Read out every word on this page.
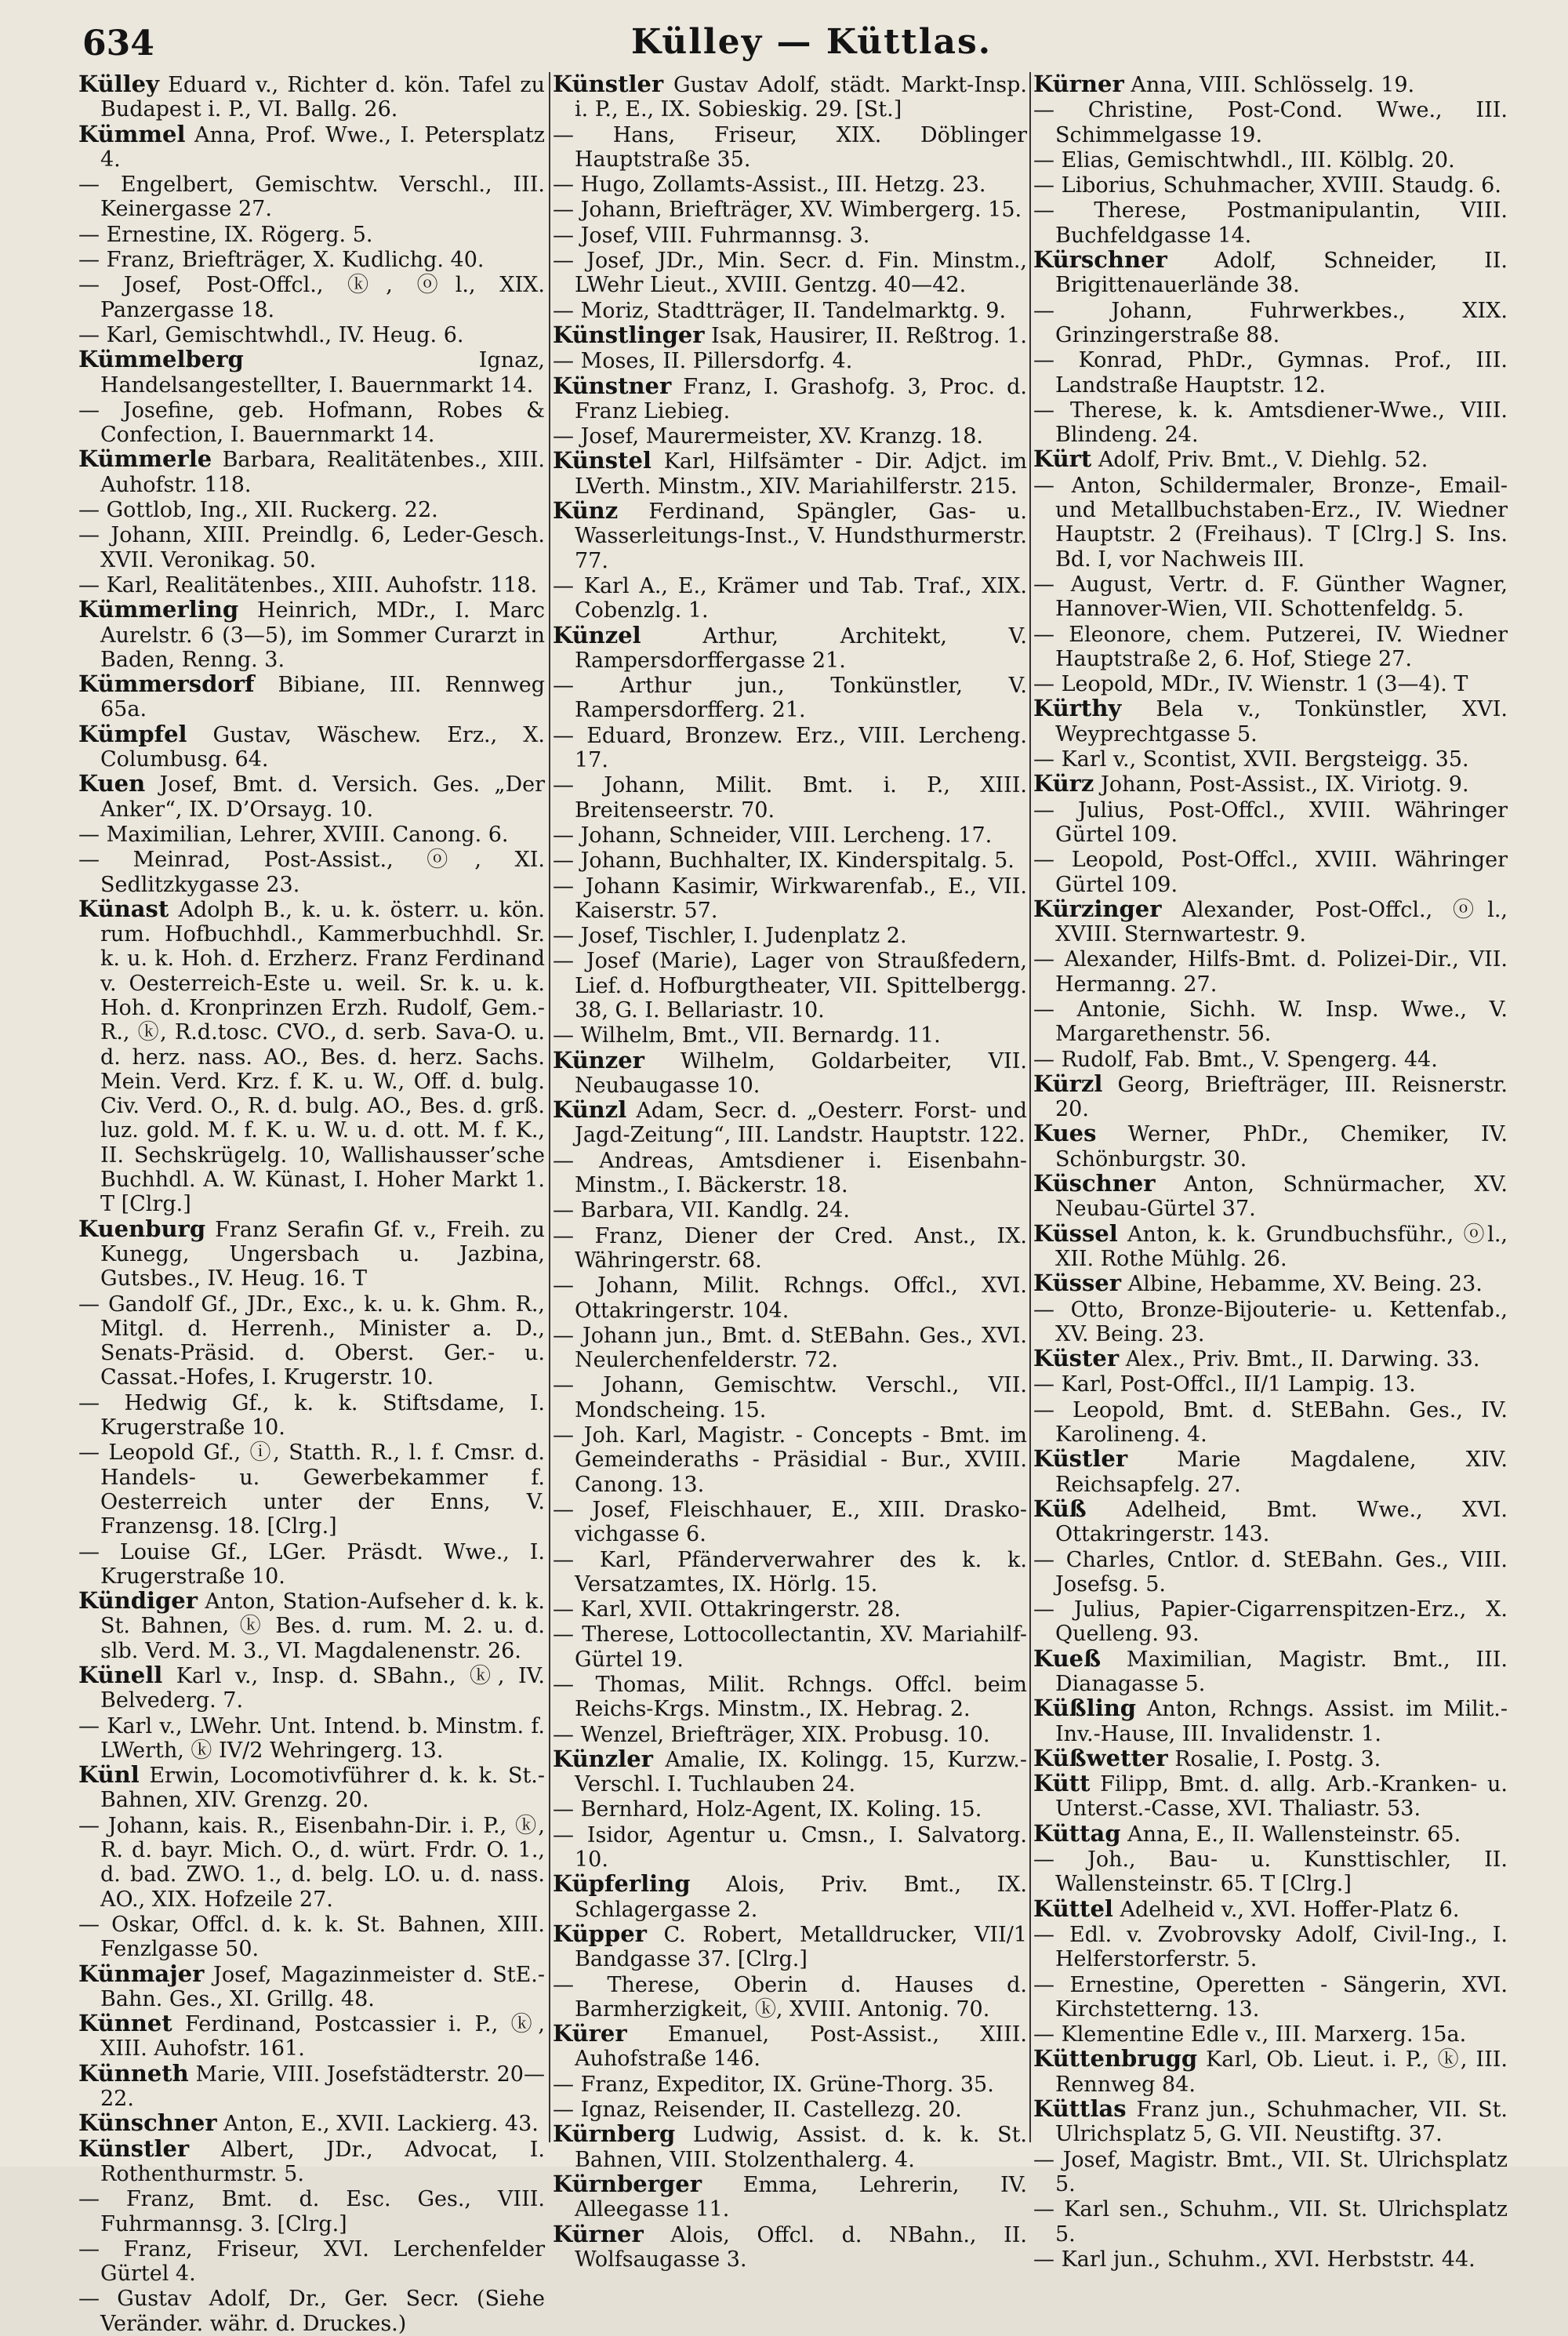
634	Külley — Küttlas.

Külley Eduard v., Richter d. kön. Tafel zu Budapest i. P., VI. Ballg. 26.

Kümmel Anna, Prof. Wwe., I. Petersplatz 4.

— Engelbert, Gemischtw. Verschl., III. Keinergasse 27.

— Ernestine, IX. Rögerg. 5.

— Franz, Briefträger, X. Kudlichg. 40.

— Josef, Post-Offcl., ⓚ, ⓞl., XIX. Panzergasse 18.

— Karl, Gemischtwhdl., IV. Heug. 6.

Kümmelberg Ignaz, Handelsangestellter, I. Bauernmarkt 14.

— Josefine, geb. Hofmann, Robes & Confection, I. Bauernmarkt 14.

Kümmerle Barbara, Realitätenbes., XIII. Auhofstr. 118.

— Gottlob, Ing., XII. Ruckerg. 22.

— Johann, XIII. Preindlg. 6, Leder-Gesch. XVII. Veronikag. 50.

— Karl, Realitätenbes., XIII. Auhofstr. 118.

Kümmerling Heinrich, MDr., I. Marc Aurelstr. 6 (3—5), im Sommer Curarzt in Baden, Renng. 3.

Kümmersdorf Bibiane, III. Rennweg 65a.

Kümpfel Gustav, Wäschew. Erz., X. Columbusg. 64.

Kuen Josef, Bmt. d. Versich. Ges. „Der Anker“, IX. D’Orsayg. 10.

— Maximilian, Lehrer, XVIII. Canong. 6.

— Meinrad, Post-Assist., ⓞ, XI. Sedlitzkygasse 23.

Künast Adolph B., k. u. k. österr. u. kön. rum. Hofbuchhdl., Kammerbuchhdl. Sr. k. u. k. Hoh. d. Erzherz. Franz Ferdinand v. Oesterreich-Este u. weil. Sr. k. u. k. Hoh. d. Kronprinzen Erzh. Rudolf, Gem.-R., ⓚ, R.d.tosc. CVO., d. serb. Sava-O. u. d. herz. nass. AO., Bes. d. herz. Sachs. Mein. Verd. Krz. f. K. u. W., Off. d. bulg. Civ. Verd. O., R. d. bulg. AO., Bes. d. grß. luz. gold. M. f. K. u. W. u. d. ott. M. f. K., II. Sechskrügelg. 10, Wallishausser’sche Buchhdl. A. W. Künast, I. Hoher Markt 1. T [Clrg.]

Kuenburg Franz Serafin Gf. v., Freih. zu Kunegg, Ungersbach u. Jazbina, Gutsbes., IV. Heug. 16. T

— Gandolf Gf., JDr., Exc., k. u. k. Ghm. R., Mitgl. d. Herrenh., Minister a. D., Senats-Präsid. d. Oberst. Ger.- u. Cassat.-Hofes, I. Krugerstr. 10.

— Hedwig Gf., k. k. Stiftsdame, I. Krugerstraße 10.

— Leopold Gf., ⓘ, Statth. R., l. f. Cmsr. d. Handels- u. Gewerbekammer f. Oesterreich unter der Enns, V. Franzensg. 18. [Clrg.]

— Louise Gf., LGer. Präsdt. Wwe., I. Krugerstraße 10.

Kündiger Anton, Station-Aufseher d. k. k. St. Bahnen, ⓚ Bes. d. rum. M. 2. u. d. slb. Verd. M. 3., VI. Magdalenenstr. 26.

Künell Karl v., Insp. d. SBahn., ⓚ, IV. Belvederg. 7.

— Karl v., LWehr. Unt. Intend. b. Minstm. f. LWerth, ⓚ IV/2 Wehringerg. 13.

Künl Erwin, Locomotivführer d. k. k. St.-Bahnen, XIV. Grenzg. 20.

— Johann, kais. R., Eisenbahn-Dir. i. P., ⓚ, R. d. bayr. Mich. O., d. würt. Frdr. O. 1., d. bad. ZWO. 1., d. belg. LO. u. d. nass. AO., XIX. Hofzeile 27.

— Oskar, Offcl. d. k. k. St. Bahnen, XIII. Fenzlgasse 50.

Künmajer Josef, Magazinmeister d. StE.-Bahn. Ges., XI. Grillg. 48.

Künnet Ferdinand, Postcassier i. P., ⓚ, XIII. Auhofstr. 161.

Künneth Marie, VIII. Josefstädterstr. 20—22.

Künschner Anton, E., XVII. Lackierg. 43.

Künstler Albert, JDr., Advocat, I. Rothenthurmstr. 5.

— Franz, Bmt. d. Esc. Ges., VIII. Fuhrmannsg. 3. [Clrg.]

— Franz, Friseur, XVI. Lerchenfelder Gürtel 4.

— Gustav Adolf, Dr., Ger. Secr. (Siehe Veränder. währ. d. Druckes.)

Künstler Gustav Adolf, städt. Markt-Insp. i. P., E., IX. Sobieskig. 29. [St.]

— Hans, Friseur, XIX. Döblinger Hauptstraße 35.

— Hugo, Zollamts-Assist., III. Hetzg. 23.

— Johann, Briefträger, XV. Wimbergerg. 15.

— Josef, VIII. Fuhrmannsg. 3.

— Josef, JDr., Min. Secr. d. Fin. Minstm., LWehr Lieut., XVIII. Gentzg. 40—42.

— Moriz, Stadtträger, II. Tandelmarktg. 9.

Künstlinger Isak, Hausirer, II. Reßtrog. 1.

— Moses, II. Pillersdorfg. 4.

Künstner Franz, I. Grashofg. 3, Proc. d. Franz Liebieg.

— Josef, Maurermeister, XV. Kranzg. 18.

Künstel Karl, Hilfsämter - Dir. Adjct. im LVerth. Minstm., XIV. Mariahilferstr. 215.

Künz Ferdinand, Spängler, Gas- u. Wasserleitungs-Inst., V. Hundsthurmerstr. 77.

— Karl A., E., Krämer und Tab. Traf., XIX. Cobenzlg. 1.

Künzel Arthur, Architekt, V. Rampersdorffergasse 21.

— Arthur jun., Tonkünstler, V. Rampersdorfferg. 21.

— Eduard, Bronzew. Erz., VIII. Lercheng. 17.

— Johann, Milit. Bmt. i. P., XIII. Breitenseerstr. 70.

— Johann, Schneider, VIII. Lercheng. 17.

— Johann, Buchhalter, IX. Kinderspitalg. 5.

— Johann Kasimir, Wirkwarenfab., E., VII. Kaiserstr. 57.

— Josef, Tischler, I. Judenplatz 2.

— Josef (Marie), Lager von Straußfedern, Lief. d. Hofburgtheater, VII. Spittelbergg. 38, G. I. Bellariastr. 10.

— Wilhelm, Bmt., VII. Bernardg. 11.

Künzer Wilhelm, Goldarbeiter, VII. Neubaugasse 10.

Künzl Adam, Secr. d. „Oesterr. Forst- und Jagd-Zeitung“, III. Landstr. Hauptstr. 122.

— Andreas, Amtsdiener i. Eisenbahn-Minstm., I. Bäckerstr. 18.

— Barbara, VII. Kandlg. 24.

— Franz, Diener der Cred. Anst., IX. Währingerstr. 68.

— Johann, Milit. Rchngs. Offcl., XVI. Ottakringerstr. 104.

— Johann jun., Bmt. d. StEBahn. Ges., XVI. Neulerchenfelderstr. 72.

— Johann, Gemischtw. Verschl., VII. Mondscheing. 15.

— Joh. Karl, Magistr. - Concepts - Bmt. im Gemeinderaths - Präsidial - Bur., XVIII. Canong. 13.

— Josef, Fleischhauer, E., XIII. Draskovichgasse 6.

— Karl, Pfänderverwahrer des k. k. Versatzamtes, IX. Hörlg. 15.

— Karl, XVII. Ottakringerstr. 28.

— Therese, Lottocollectantin, XV. Mariahilf-Gürtel 19.

— Thomas, Milit. Rchngs. Offcl. beim Reichs-Krgs. Minstm., IX. Hebrag. 2.

— Wenzel, Briefträger, XIX. Probusg. 10.

Künzler Amalie, IX. Kolingg. 15, Kurzw.-Verschl. I. Tuchlauben 24.

— Bernhard, Holz-Agent, IX. Koling. 15.

— Isidor, Agentur u. Cmsn., I. Salvatorg. 10.

Küpferling Alois, Priv. Bmt., IX. Schlagergasse 2.

Küpper C. Robert, Metalldrucker, VII/1 Bandgasse 37. [Clrg.]

— Therese, Oberin d. Hauses d. Barmherzigkeit, ⓚ, XVIII. Antonig. 70.

Kürer Emanuel, Post-Assist., XIII. Auhofstraße 146.

— Franz, Expeditor, IX. Grüne-Thorg. 35.

— Ignaz, Reisender, II. Castellezg. 20.

Kürnberg Ludwig, Assist. d. k. k. St. Bahnen, VIII. Stolzenthalerg. 4.

Kürnberger Emma, Lehrerin, IV. Alleegasse 11.

Kürner Alois, Offcl. d. NBahn., II. Wolfsaugasse 3.

Kürner Anna, VIII. Schlösselg. 19.

— Christine, Post-Cond. Wwe., III. Schimmelgasse 19.

— Elias, Gemischtwhdl., III. Kölblg. 20.

— Liborius, Schuhmacher, XVIII. Staudg. 6.

— Therese, Postmanipulantin, VIII. Buchfeldgasse 14.

Kürschner Adolf, Schneider, II. Brigittenauerlände 38.

— Johann, Fuhrwerkbes., XIX. Grinzingerstraße 88.

— Konrad, PhDr., Gymnas. Prof., III. Landstraße Hauptstr. 12.

— Therese, k. k. Amtsdiener-Wwe., VIII. Blindeng. 24.

Kürt Adolf, Priv. Bmt., V. Diehlg. 52.

— Anton, Schildermaler, Bronze-, Email- und Metallbuchstaben-Erz., IV. Wiedner Hauptstr. 2 (Freihaus). T [Clrg.] S. Ins. Bd. I, vor Nachweis III.

— August, Vertr. d. F. Günther Wagner, Hannover-Wien, VII. Schottenfeldg. 5.

— Eleonore, chem. Putzerei, IV. Wiedner Hauptstraße 2, 6. Hof, Stiege 27.

— Leopold, MDr., IV. Wienstr. 1 (3—4). T

Kürthy Bela v., Tonkünstler, XVI. Weyprechtgasse 5.

— Karl v., Scontist, XVII. Bergsteigg. 35.

Kürz Johann, Post-Assist., IX. Viriotg. 9.

— Julius, Post-Offcl., XVIII. Währinger Gürtel 109.

— Leopold, Post-Offcl., XVIII. Währinger Gürtel 109.

Kürzinger Alexander, Post-Offcl., ⓞl., XVIII. Sternwartestr. 9.

— Alexander, Hilfs-Bmt. d. Polizei-Dir., VII. Hermanng. 27.

— Antonie, Sichh. W. Insp. Wwe., V. Margarethenstr. 56.

— Rudolf, Fab. Bmt., V. Spengerg. 44.

Kürzl Georg, Briefträger, III. Reisnerstr. 20.

Kues Werner, PhDr., Chemiker, IV. Schönburgstr. 30.

Küschner Anton, Schnürmacher, XV. Neubau-Gürtel 37.

Küssel Anton, k. k. Grundbuchsführ., ⓞl., XII. Rothe Mühlg. 26.

Küsser Albine, Hebamme, XV. Being. 23.

— Otto, Bronze-Bijouterie- u. Kettenfab., XV. Being. 23.

Küster Alex., Priv. Bmt., II. Darwing. 33.

— Karl, Post-Offcl., II/1 Lampig. 13.

— Leopold, Bmt. d. StEBahn. Ges., IV. Karolineng. 4.

Küstler Marie Magdalene, XIV. Reichsapfelg. 27.

Küß Adelheid, Bmt. Wwe., XVI. Ottakringerstr. 143.

— Charles, Cntlor. d. StEBahn. Ges., VIII. Josefsg. 5.

— Julius, Papier-Cigarrenspitzen-Erz., X. Quelleng. 93.

Kueß Maximilian, Magistr. Bmt., III. Dianagasse 5.

Küßling Anton, Rchngs. Assist. im Milit.-Inv.-Hause, III. Invalidenstr. 1.

Küßwetter Rosalie, I. Postg. 3.

Kütt Filipp, Bmt. d. allg. Arb.-Kranken- u. Unterst.-Casse, XVI. Thaliastr. 53.

Küttag Anna, E., II. Wallensteinstr. 65.

— Joh., Bau- u. Kunsttischler, II. Wallensteinstr. 65. T [Clrg.]

Küttel Adelheid v., XVI. Hoffer-Platz 6.

— Edl. v. Zvobrovsky Adolf, Civil-Ing., I. Helferstorferstr. 5.

— Ernestine, Operetten - Sängerin, XVI. Kirchstetterng. 13.

— Klementine Edle v., III. Marxerg. 15a.

Küttenbrugg Karl, Ob. Lieut. i. P., ⓚ, III. Rennweg 84.

Küttlas Franz jun., Schuhmacher, VII. St. Ulrichsplatz 5, G. VII. Neustiftg. 37.

— Josef, Magistr. Bmt., VII. St. Ulrichsplatz 5.

— Karl sen., Schuhm., VII. St. Ulrichsplatz 5.

— Karl jun., Schuhm., XVI. Herbststr. 44.
